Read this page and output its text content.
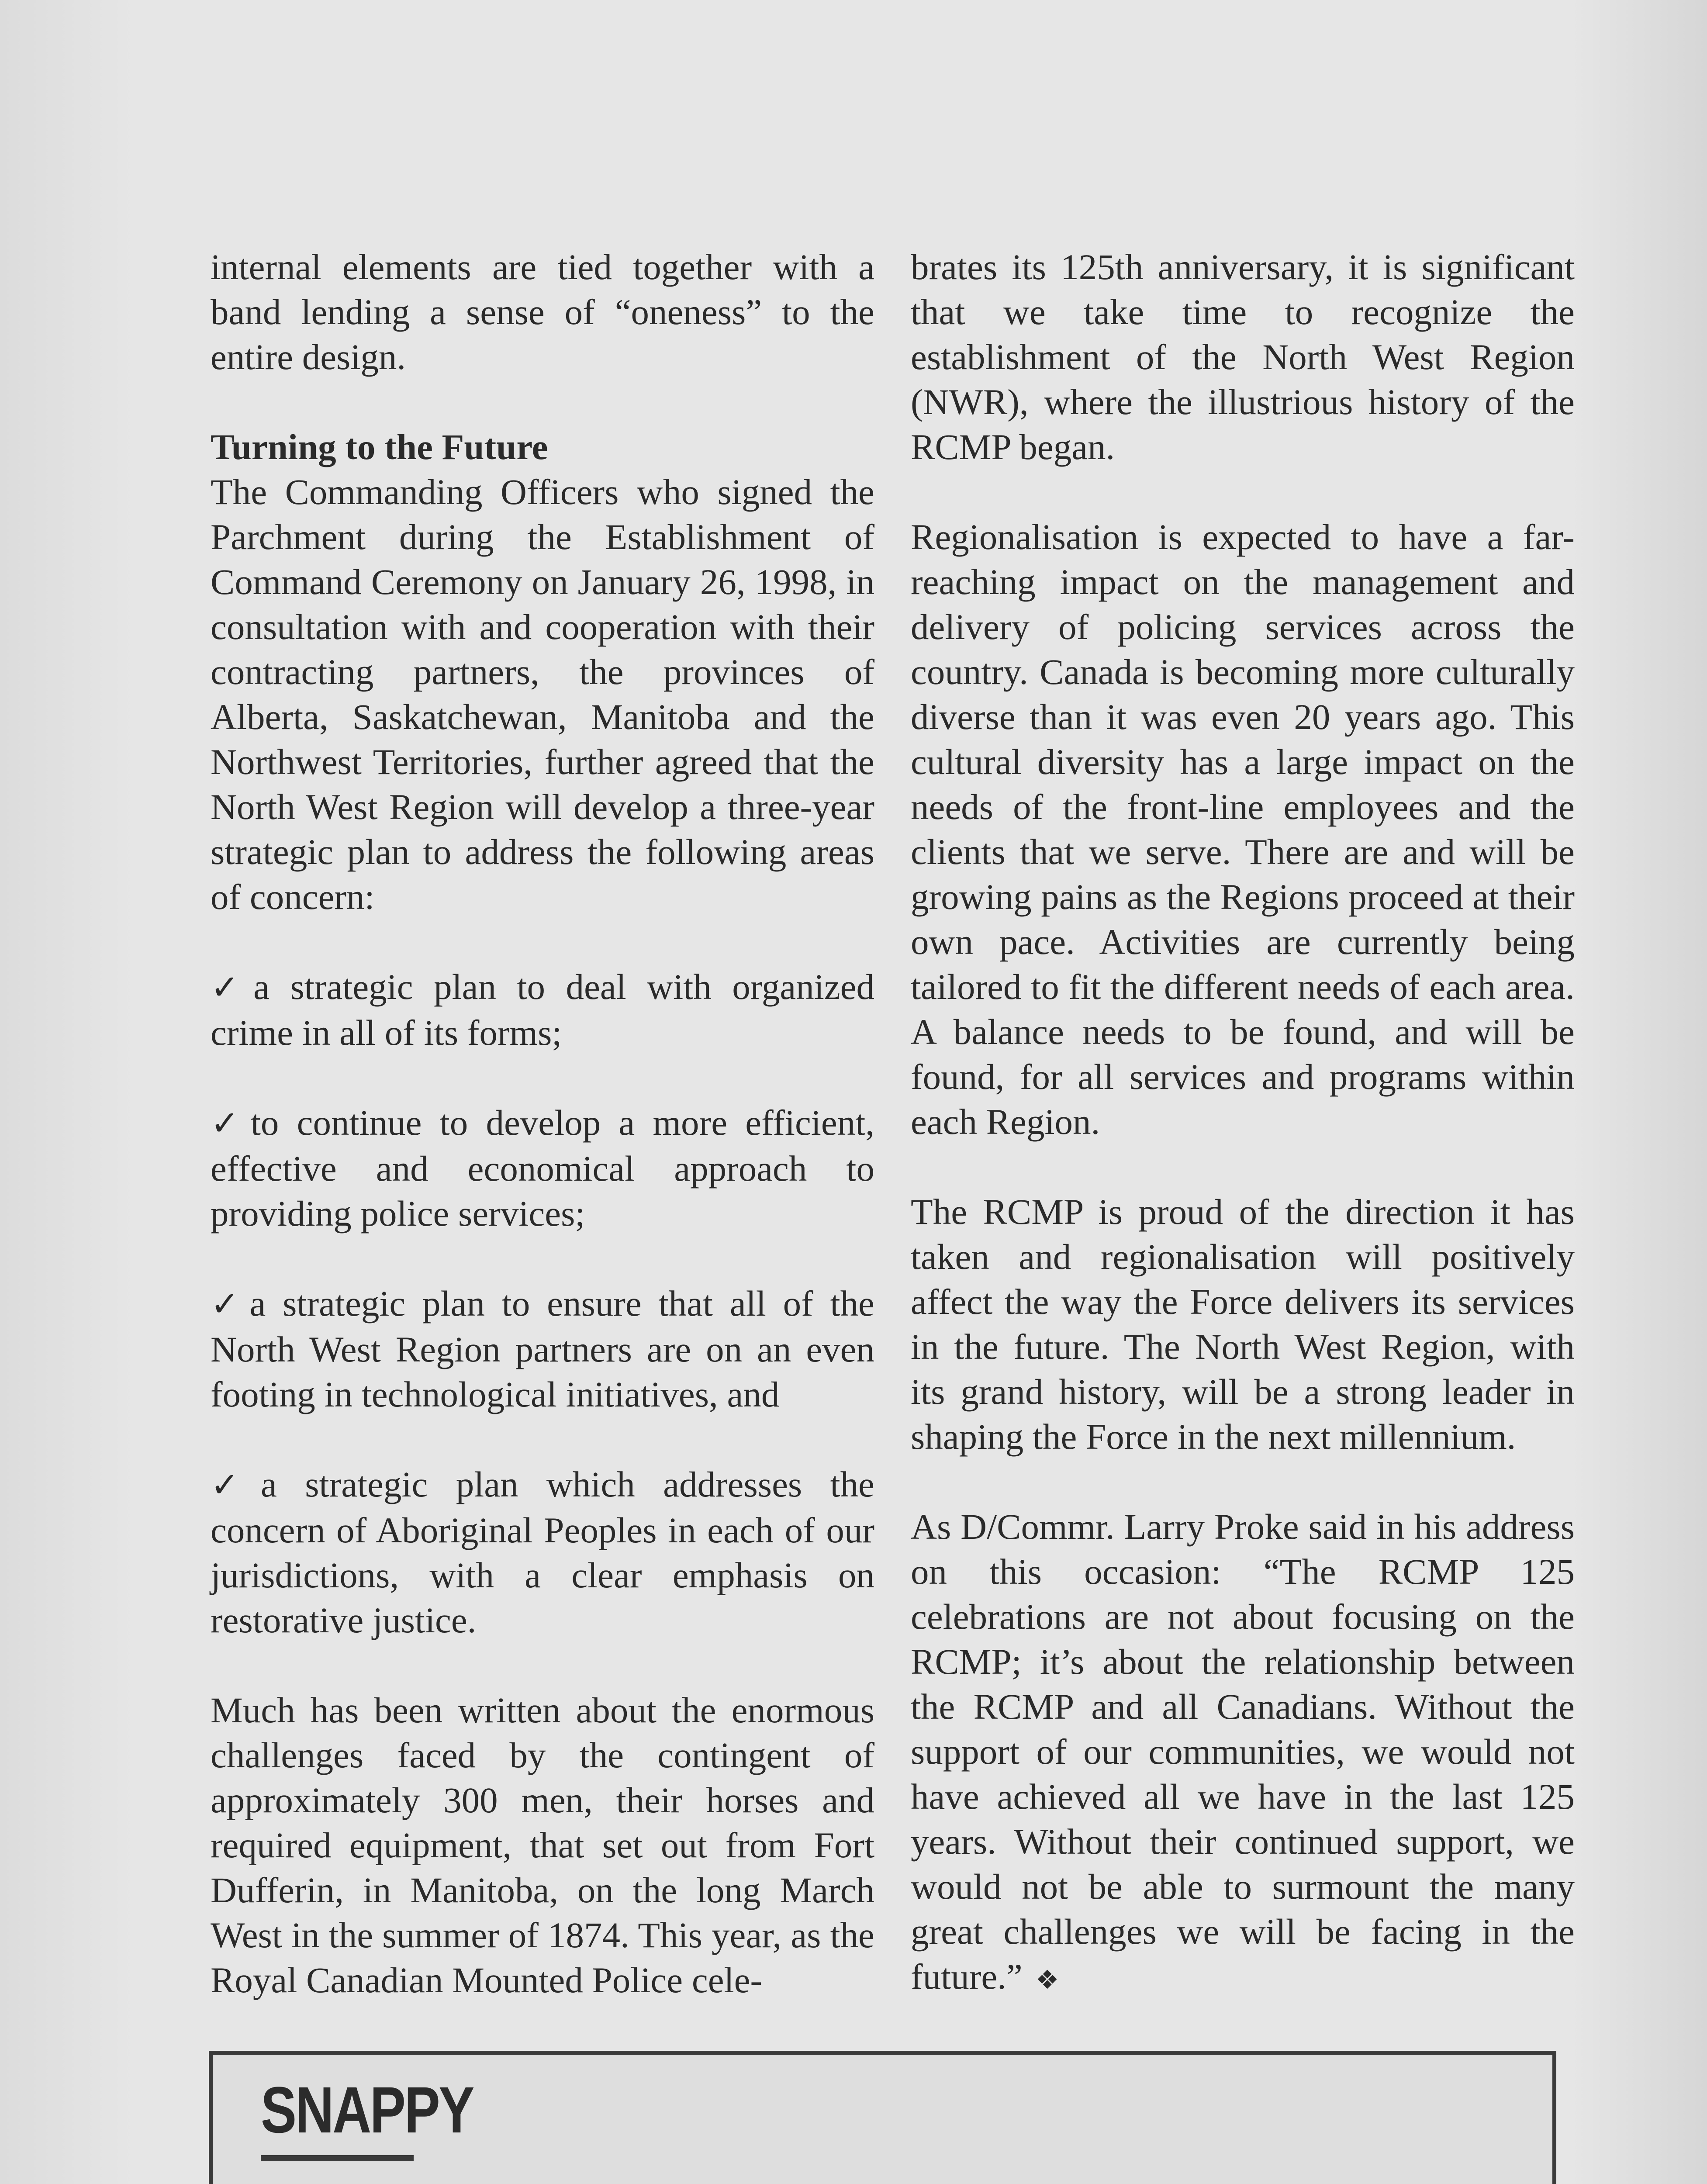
internal elements are tied together with a band lending a sense of “oneness” to the entire design.

Turning to the Future

The Commanding Officers who signed the Parchment during the Establishment of Command Ceremony on January 26, 1998, in consultation with and cooperation with their contracting partners, the provinces of Alberta, Saskatchewan, Manitoba and the Northwest Territories, further agreed that the North West Region will develop a three-year strategic plan to address the following areas of concern:

✓a strategic plan to deal with organized crime in all of its forms;
✓to continue to develop a more efficient, effective and economical approach to providing police services;
✓a strategic plan to ensure that all of the North West Region partners are on an even footing in technological initiatives, and
✓a strategic plan which addresses the concern of Aboriginal Peoples in each of our jurisdictions, with a clear emphasis on restorative justice.

Much has been written about the enormous challenges faced by the contingent of approximately 300 men, their horses and required equipment, that set out from Fort Dufferin, in Manitoba, on the long March West in the summer of 1874. This year, as the Royal Canadian Mounted Police cele-

brates its 125th anniversary, it is significant that we take time to recognize the establishment of the North West Region (NWR), where the illustrious history of the RCMP began.

Regionalisation is expected to have a far-reaching impact on the management and delivery of policing services across the country. Canada is becoming more culturally diverse than it was even 20 years ago. This cultural diversity has a large impact on the needs of the front-line employees and the clients that we serve. There are and will be growing pains as the Regions proceed at their own pace. Activities are currently being tailored to fit the different needs of each area. A balance needs to be found, and will be found, for all services and programs within each Region.

The RCMP is proud of the direction it has taken and regionalisation will positively affect the way the Force delivers its services in the future. The North West Region, with its grand history, will be a strong leader in shaping the Force in the next millennium.

As D/Commr. Larry Proke said in his address on this occasion: “The RCMP 125 celebrations are not about focusing on the RCMP; it’s about the relationship between the RCMP and all Canadians. Without the support of our communities, we would not have achieved all we have in the last 125 years. Without their continued support, we would not be able to surmount the many great challenges we will be facing in the future.” ❖

SNAPPY
